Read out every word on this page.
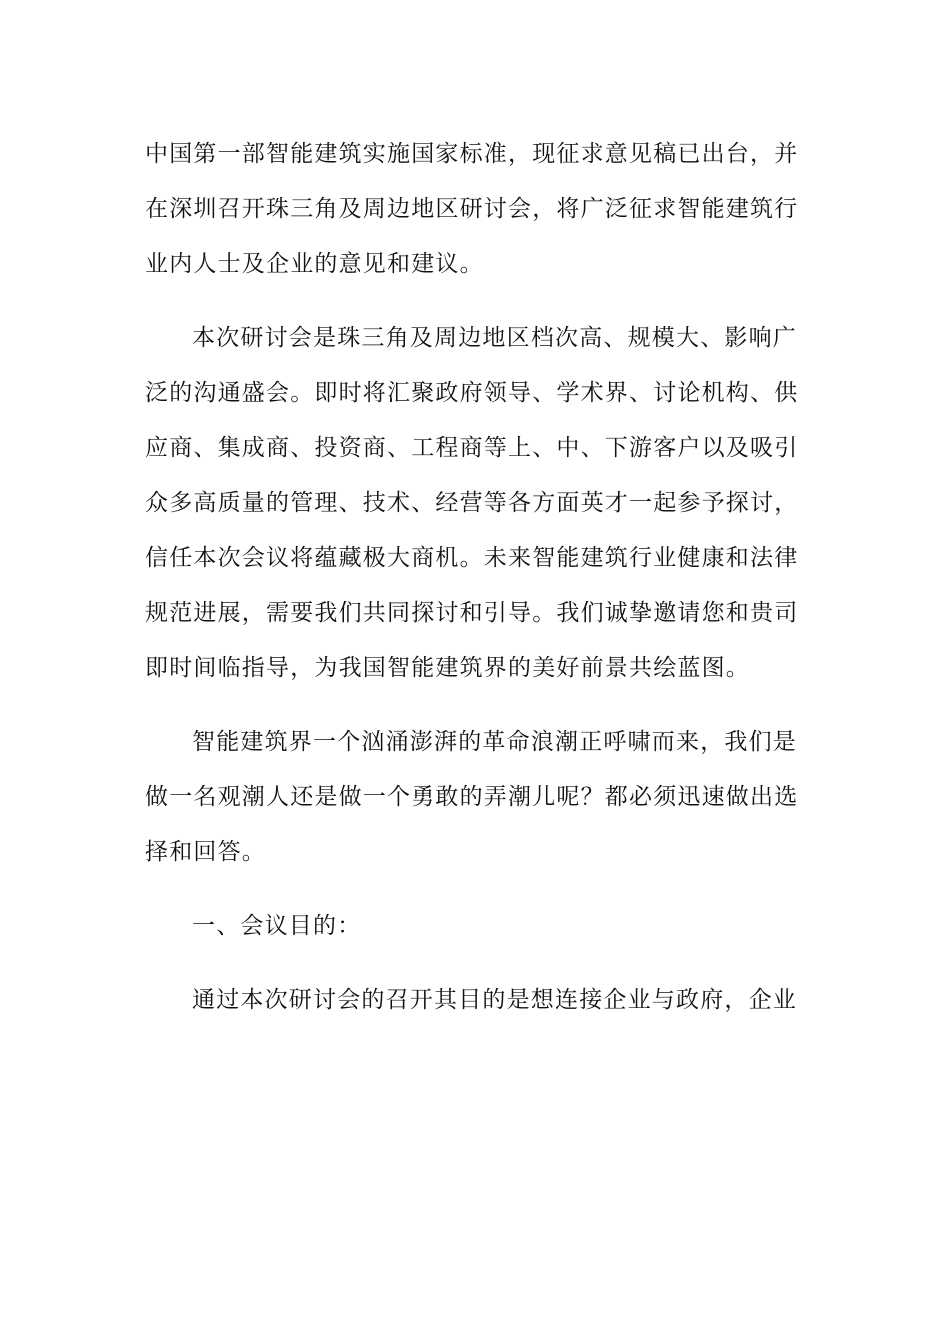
中国第一部智能建筑实施国家标准，现征求意见稿已出台，并
在深圳召开珠三角及周边地区研讨会，将广泛征求智能建筑行
业内人士及企业的意见和建议。
本次研讨会是珠三角及周边地区档次高、规模大、影响广
泛的沟通盛会。即时将汇聚政府领导、学术界、讨论机构、供
应商、集成商、投资商、工程商等上、中、下游客户以及吸引
众多高质量的管理、技术、经营等各方面英才一起参予探讨，
信任本次会议将蕴藏极大商机。未来智能建筑行业健康和法律
规范进展，需要我们共同探讨和引导。我们诚挚邀请您和贵司
即时间临指导，为我国智能建筑界的美好前景共绘蓝图。
智能建筑界一个汹涌澎湃的革命浪潮正呼啸而来，我们是
做一名观潮人还是做一个勇敢的弄潮儿呢？都必须迅速做出选
择和回答。
一、会议目的：
通过本次研讨会的召开其目的是想连接企业与政府，企业
